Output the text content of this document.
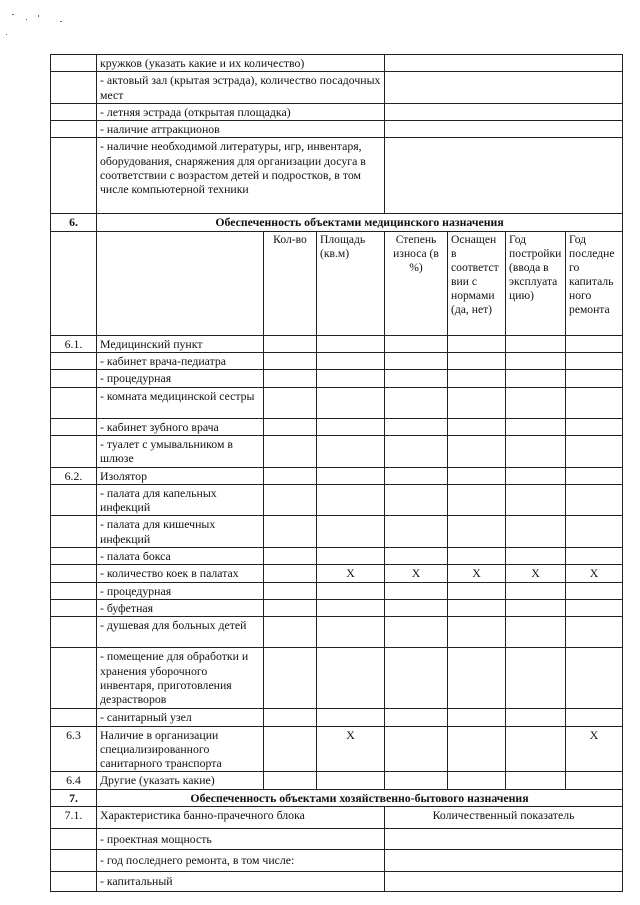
	кружков (указать какие и их количество)						
	- актовый зал (крытая эстрада), количество посадочных мест						
	- летняя эстрада (открытая площадка)						
	- наличие аттракционов						
	- наличие необходимой литературы, игр, инвентаря, оборудования, снаряжения для организации досуга в соответствии с возрастом детей и подростков, в том числе компьютерной техники						
6.	Обеспеченность объектами медицинского назначения						
		Кол-во	Площадь (кв.м)	Степень износа (в %)	Оснащен в соответствии с нормами (да, нет)	Год постройки (ввода в эксплуатацию)	Год последнего капитального ремонта
6.1.	Медицинский пункт						
	- кабинет врача-педиатра						
	- процедурная						
	- комната медицинской сестры						
	- кабинет зубного врача						
	- туалет с умывальником в шлюзе						
6.2.	Изолятор						
	- палата для капельных инфекций						
	- палата для кишечных инфекций						
	- палата бокса						
	- количество коек в палатах		X	X	X	X	X
	- процедурная						
	- буфетная						
	- душевая для больных детей						
	- помещение для обработки и хранения уборочного инвентаря, приготовления дезрастворов						
	- санитарный узел						
6.3	Наличие в организации специализированного санитарного транспорта		X				X
6.4	Другие (указать какие)						
7.	Обеспеченность объектами хозяйственно-бытового назначения						
7.1.	Характеристика банно-прачечного блока			Количественный показатель			
	- проектная мощность						
	- год последнего ремонта, в том числе:						
	- капитальный						
